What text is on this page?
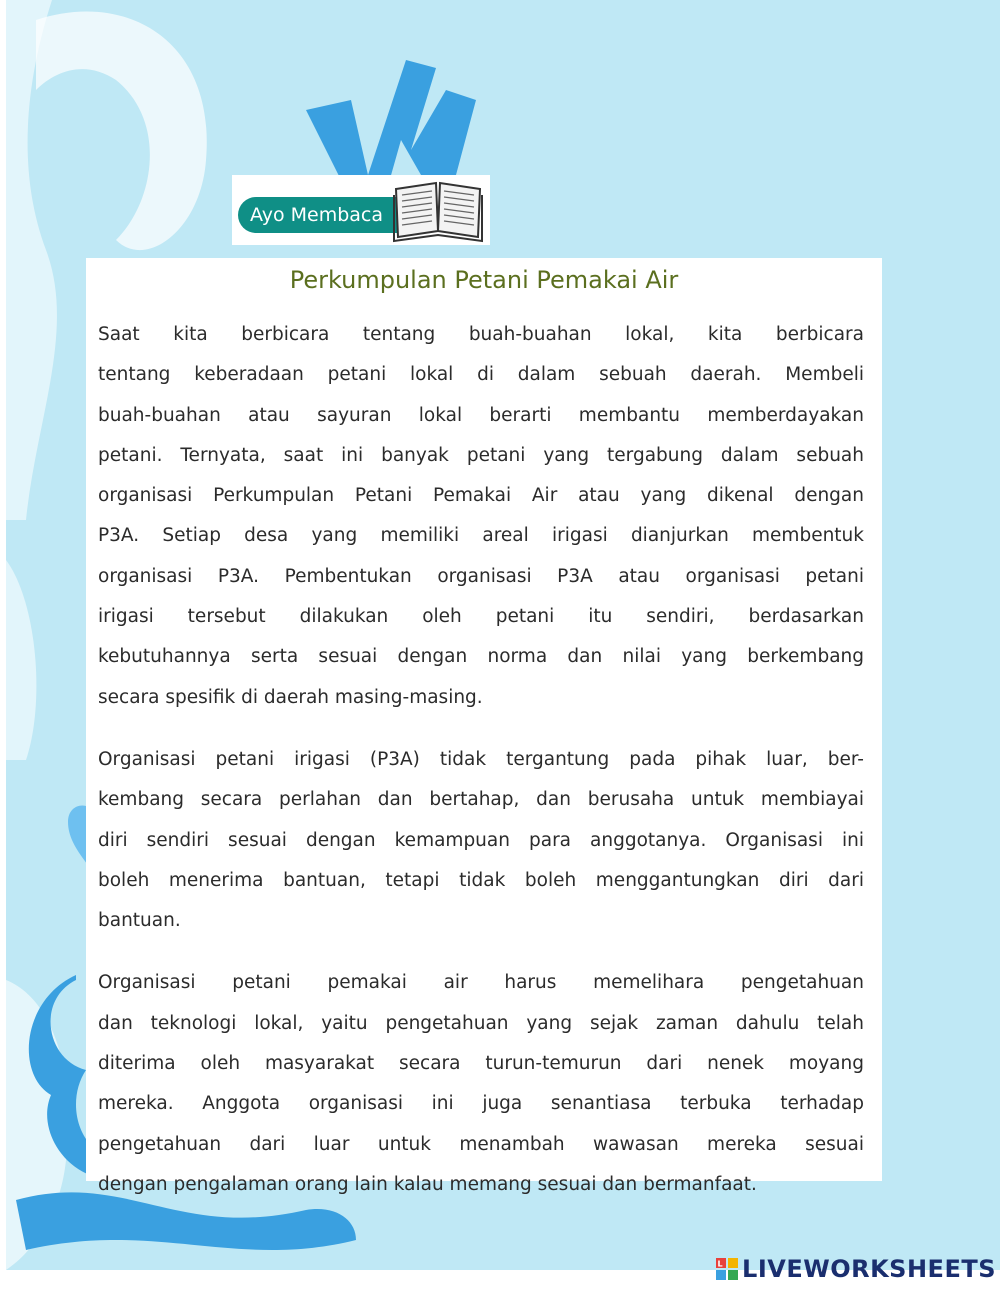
Ayo Membaca
Perkumpulan Petani Pemakai Air

Saat kita berbicara tentang buah-buahan lokal, kita berbicara
tentang keberadaan petani lokal di dalam sebuah daerah. Membeli
buah-buahan atau sayuran lokal berarti membantu memberdayakan
petani. Ternyata, saat ini banyak petani yang tergabung dalam sebuah
organisasi Perkumpulan Petani Pemakai Air atau yang dikenal dengan
P3A. Setiap desa yang memiliki areal irigasi dianjurkan membentuk
organisasi P3A. Pembentukan organisasi P3A atau organisasi petani
irigasi tersebut dilakukan oleh petani itu sendiri, berdasarkan
kebutuhannya serta sesuai dengan norma dan nilai yang berkembang
secara spesifik di daerah masing-masing.

Organisasi petani irigasi (P3A) tidak tergantung pada pihak luar, ber-
kembang secara perlahan dan bertahap, dan berusaha untuk membiayai
diri sendiri sesuai dengan kemampuan para anggotanya. Organisasi ini
boleh menerima bantuan, tetapi tidak boleh menggantungkan diri dari
bantuan.

Organisasi petani pemakai air harus memelihara pengetahuan
dan teknologi lokal, yaitu pengetahuan yang sejak zaman dahulu telah
diterima oleh masyarakat secara turun-temurun dari nenek moyang
mereka. Anggota organisasi ini juga senantiasa terbuka terhadap
pengetahuan dari luar untuk menambah wawasan mereka sesuai
dengan pengalaman orang lain kalau memang sesuai dan bermanfaat.

L LIVEWORKSHEETS
